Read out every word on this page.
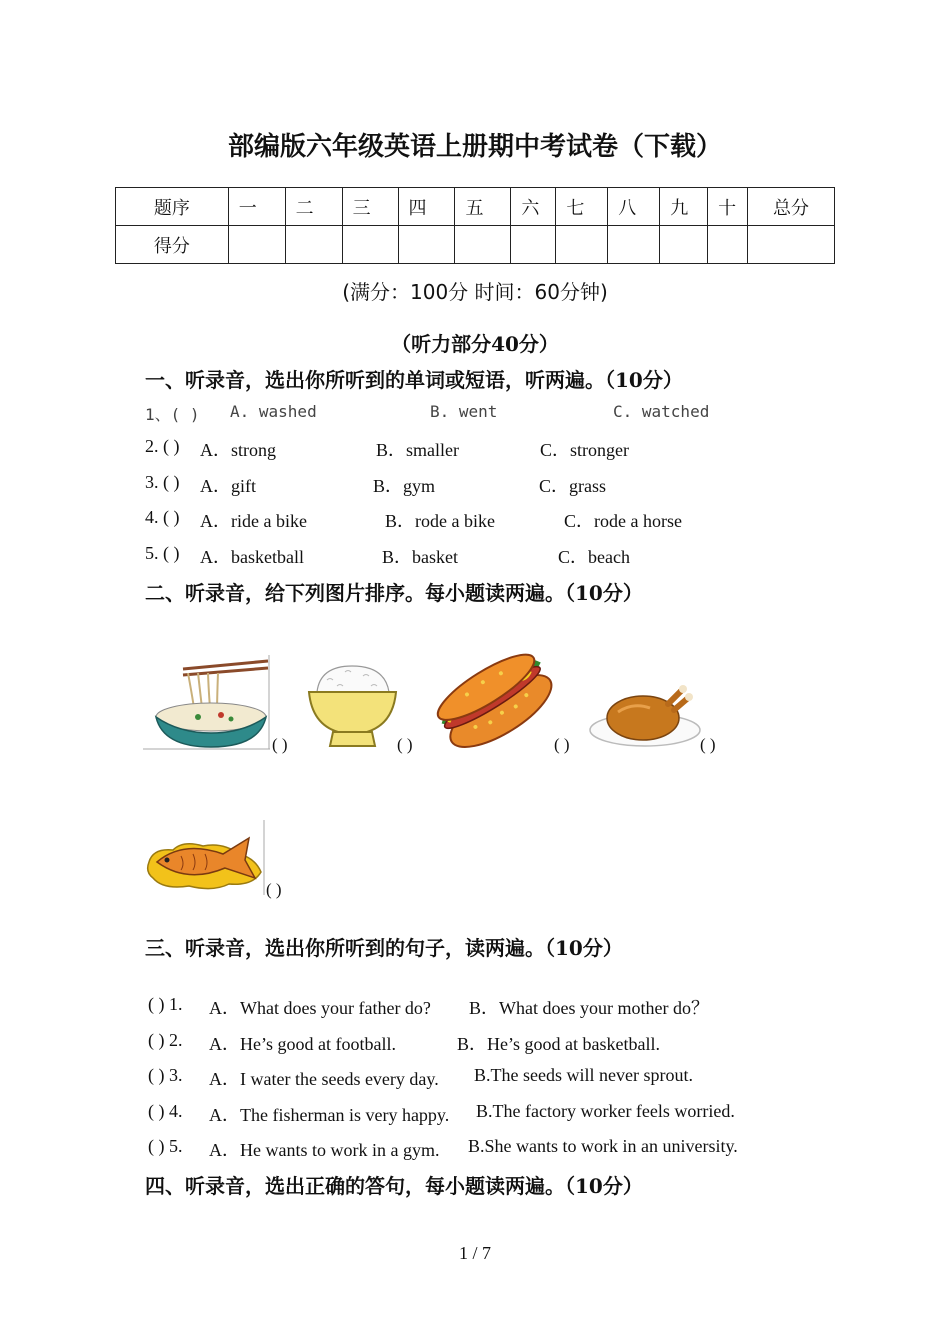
部编版六年级英语上册期中考试卷（下载）
题序	一	二	三	四	五	六	七	八	九	十	总分
得分											
(满分：100分 时间：60分钟)
（听力部分40分）
一、听录音，选出你所听到的单词或短语，听两遍。（10分）
1、( ) A. washed	B. went	C. watched
2. ( ) A．strong	B．smaller	C．stronger
3. ( ) A．gift	B．gym	C．grass
4. ( ) A．ride a bike	B．rode a bike	C．rode a horse
5. ( ) A．basketball	B．basket	C．beach
二、听录音，给下列图片排序。每小题读两遍。（10分）
( )	( )	( )	( )
( )
三、听录音，选出你所听到的句子，读两遍。（10分）
( ) 1. A．What does your father do? B．What does your mother do？
( ) 2. A．He’s good at football.	B．He’s good at basketball.
( ) 3. A．I water the seeds every day. B.The seeds will never sprout.
( ) 4. A．The fisherman is very happy. B.The factory worker feels worried.
( ) 5. A．He wants to work in a gym. B.She wants to work in an university.
四、听录音，选出正确的答句，每小题读两遍。（10分）
1 / 7
